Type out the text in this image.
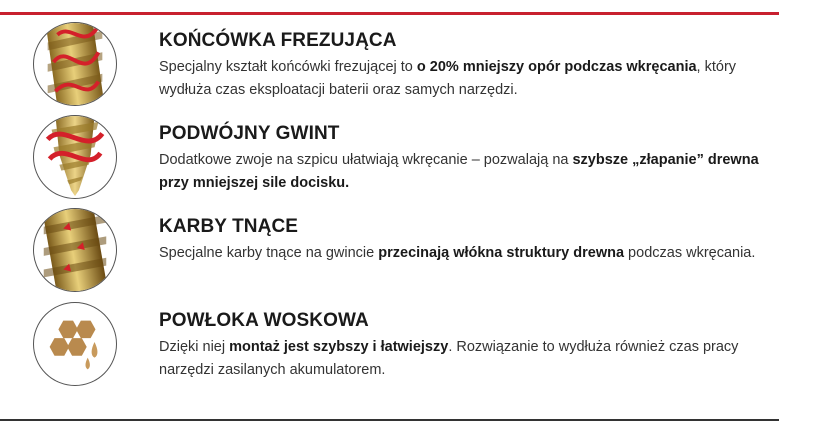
KOŃCÓWKA FREZUJĄCA

Specjalny kształt końcówki frezującej to o 20% mniejszy opór podczas wkręcania, który wydłuża czas eksploatacji baterii oraz samych narzędzi.

PODWÓJNY GWINT

Dodatkowe zwoje na szpicu ułatwiają wkręcanie – pozwalają na szybsze „złapanie” drewna przy mniejszej sile docisku.

KARBY TNĄCE

Specjalne karby tnące na gwincie przecinają włókna struktury drewna podczas wkręcania.

POWŁOKA WOSKOWA

Dzięki niej montaż jest szybszy i łatwiejszy. Rozwiązanie to wydłuża również czas pracy narzędzi zasilanych akumulatorem.
